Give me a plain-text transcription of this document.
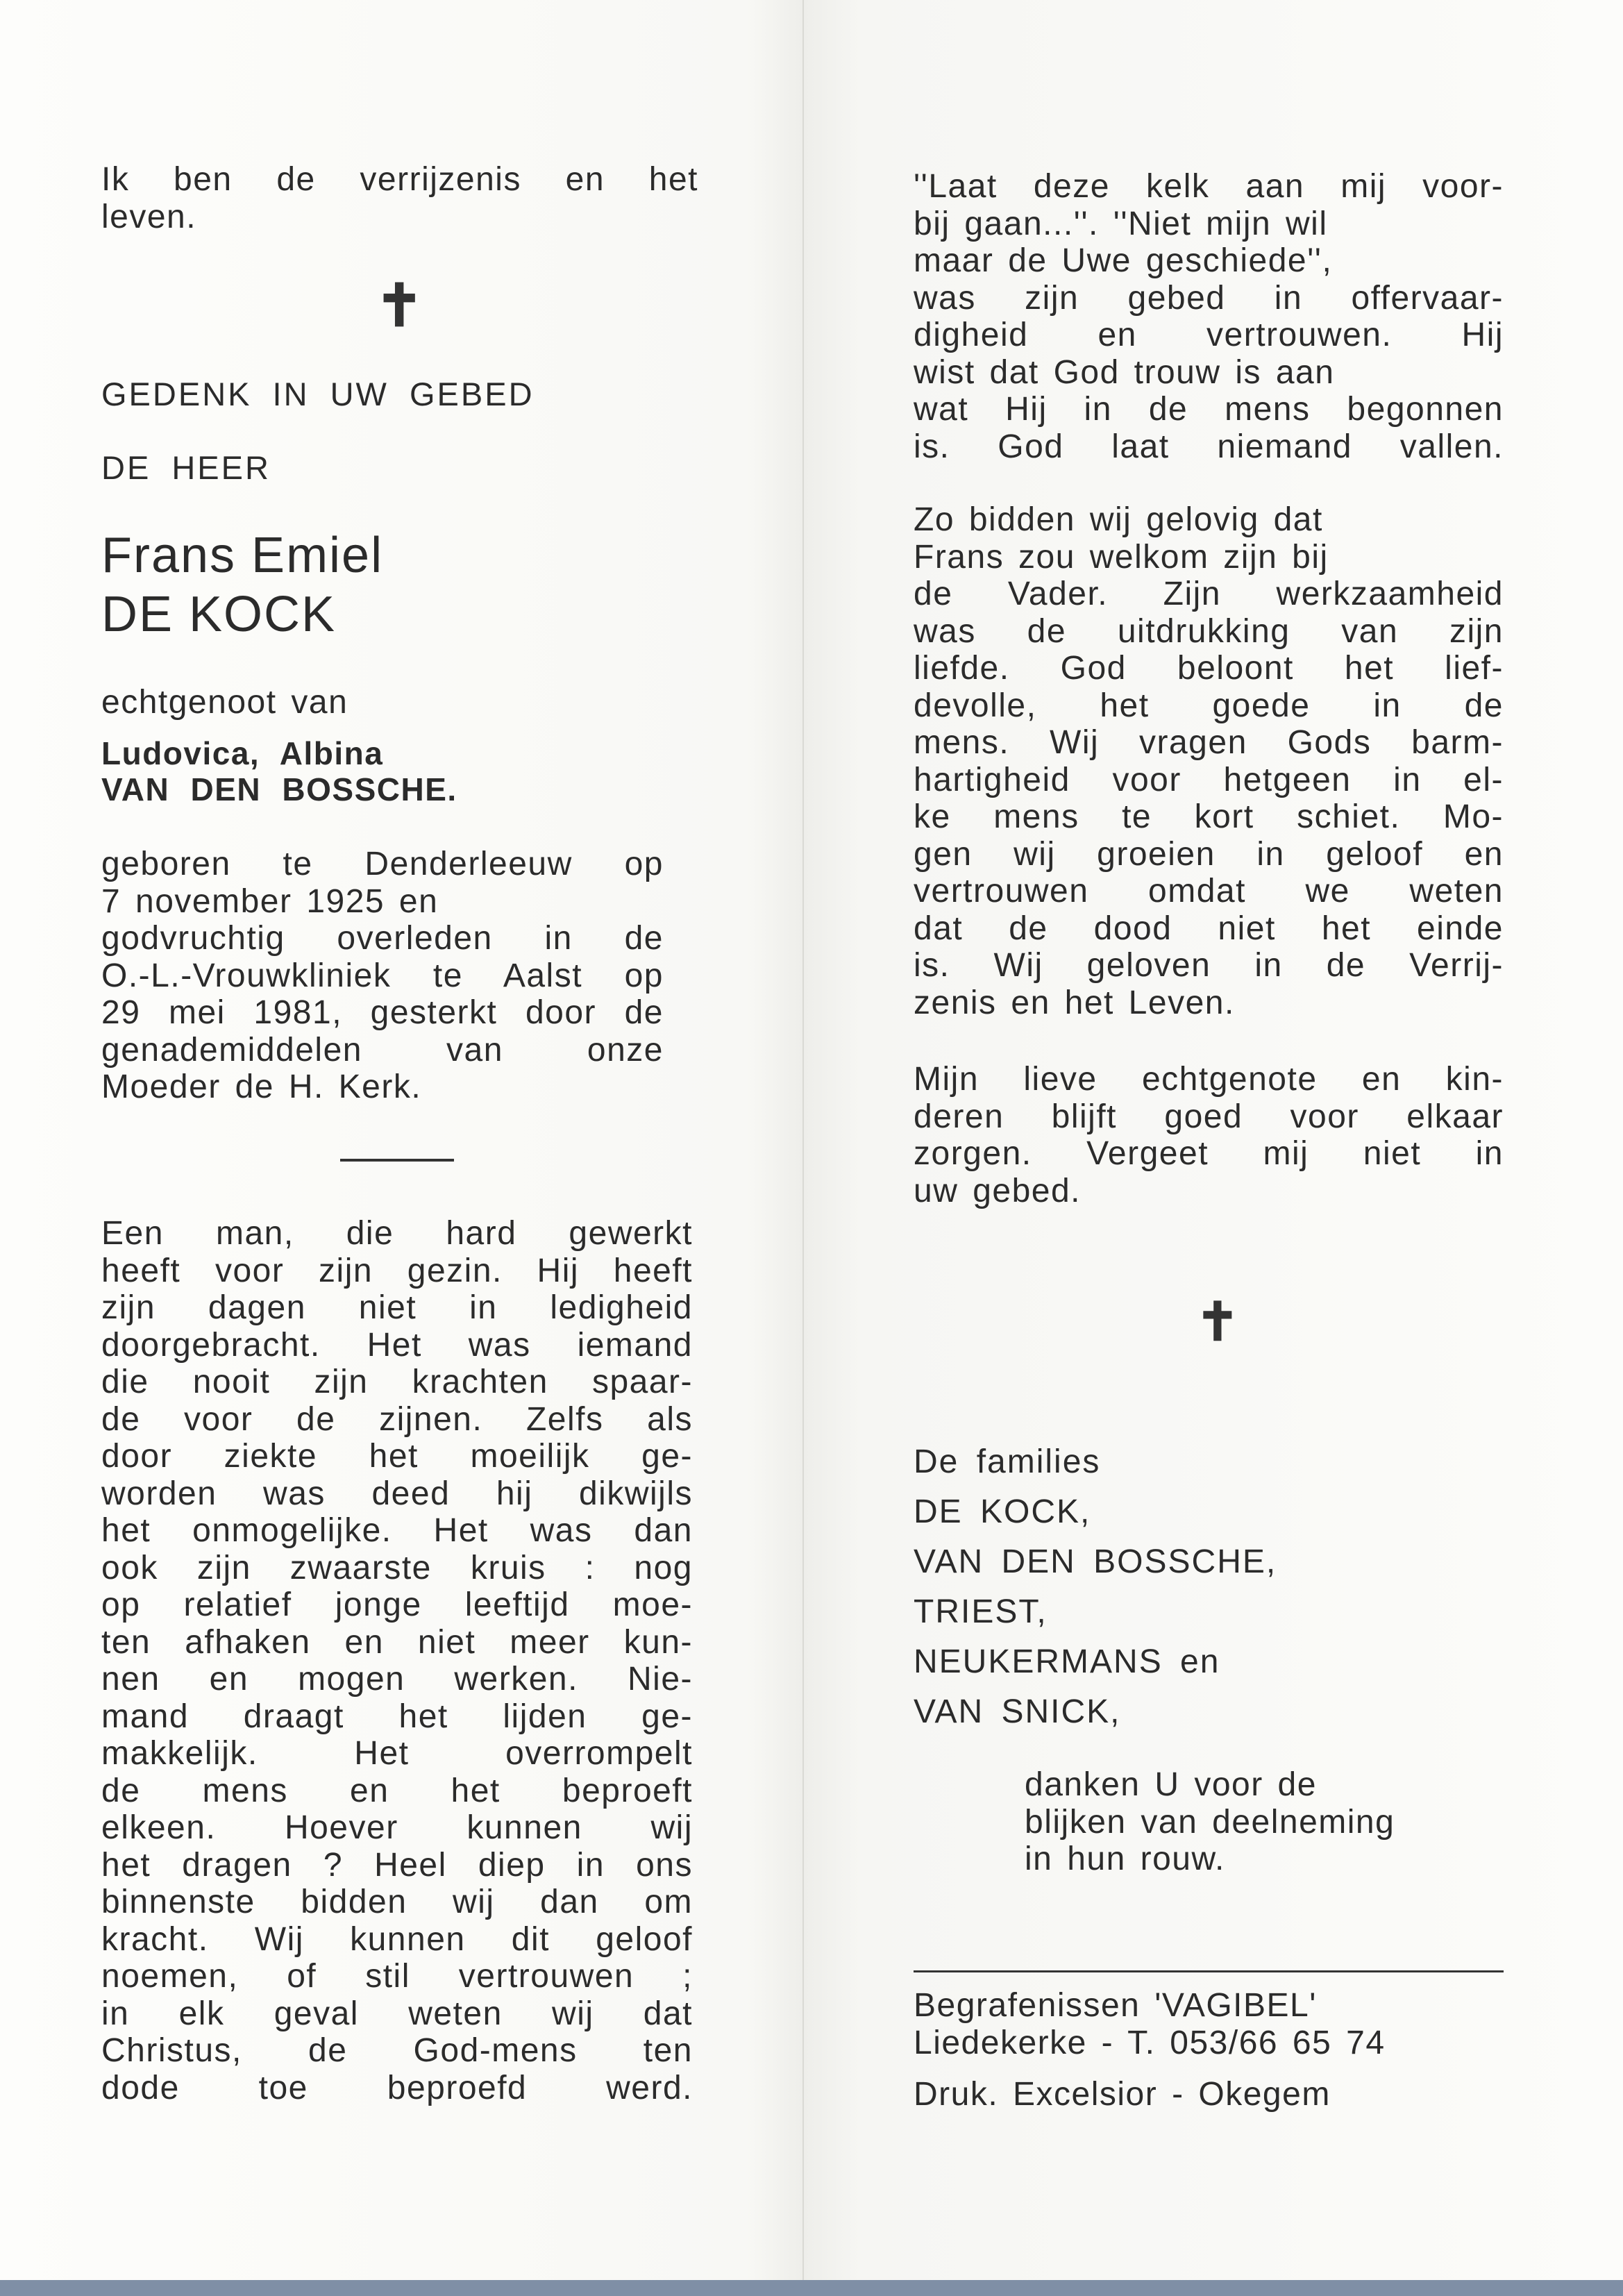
Ik ben de verrijzenis en het

leven.

✝

GEDENK IN UW GEBED

DE HEER

Frans Emiel

DE KOCK

echtgenoot van

Ludovica, Albina

VAN DEN BOSSCHE.

geboren te Denderleeuw op

7 november 1925 en

godvruchtig overleden in de

O.-L.-Vrouwkliniek te Aalst op

29 mei 1981, gesterkt door de

genademiddelen van onze

Moeder de H. Kerk.

Een man, die hard gewerkt

heeft voor zijn gezin. Hij heeft

zijn dagen niet in ledigheid

doorgebracht. Het was iemand

die nooit zijn krachten spaar-

de voor de zijnen. Zelfs als

door ziekte het moeilijk ge-

worden was deed hij dikwijls

het onmogelijke. Het was dan

ook zijn zwaarste kruis : nog

op relatief jonge leeftijd moe-

ten afhaken en niet meer kun-

nen en mogen werken. Nie-

mand draagt het lijden ge-

makkelijk. Het overrompelt

de mens en het beproeft

elkeen. Hoever kunnen wij

het dragen ? Heel diep in ons

binnenste bidden wij dan om

kracht. Wij kunnen dit geloof

noemen, of stil vertrouwen ;

in elk geval weten wij dat

Christus, de God-mens ten

dode toe beproefd werd.

''Laat deze kelk aan mij voor-

bij gaan...''. ''Niet mijn wil

maar de Uwe geschiede'',

was zijn gebed in offervaar-

digheid en vertrouwen. Hij

wist dat God trouw is aan

wat Hij in de mens begonnen

is. God laat niemand vallen.

Zo bidden wij gelovig dat

Frans zou welkom zijn bij

de Vader. Zijn werkzaamheid

was de uitdrukking van zijn

liefde. God beloont het lief-

devolle, het goede in de

mens. Wij vragen Gods barm-

hartigheid voor hetgeen in el-

ke mens te kort schiet. Mo-

gen wij groeien in geloof en

vertrouwen omdat we weten

dat de dood niet het einde

is. Wij geloven in de Verrij-

zenis en het Leven.

Mijn lieve echtgenote en kin-

deren blijft goed voor elkaar

zorgen. Vergeet mij niet in

uw gebed.

✝

De families

DE KOCK,

VAN DEN BOSSCHE,

TRIEST,

NEUKERMANS en

VAN SNICK,

danken U voor de

blijken van deelneming

in hun rouw.

Begrafenissen 'VAGIBEL'

Liedekerke - T. 053/66 65 74

Druk. Excelsior - Okegem
